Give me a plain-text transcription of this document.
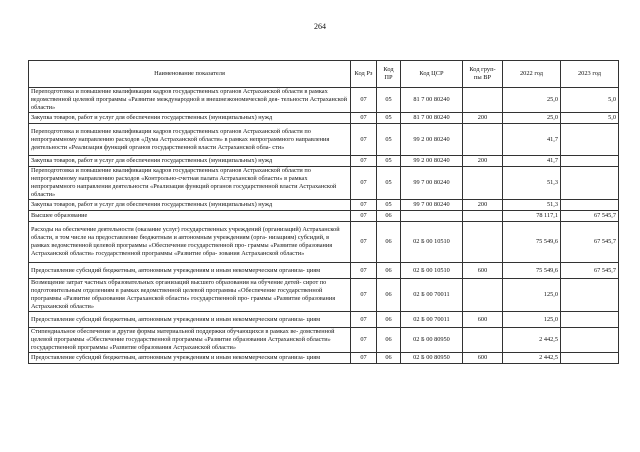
264
Наименование показателя	Код Рз	Код ПР	Код ЦСР	Код груп- пы ВР	2022 год	2023 год
Переподготовка и повышение квалификации кадров государственных органов Астраханской области в рамках ведомственной целевой программы «Развитие международной и внешнеэкономической дея- тельности Астраханской области»	07	05	81 7 00 80240		25,0	5,0
Закупка товаров, работ и услуг для обеспечения государственных (муниципальных) нужд	07	05	81 7 00 80240	200	25,0	5,0
Переподготовка и повышение квалификации кадров государственных органов Астраханской области по непрограммному направлению расходов «Дума Астраханской области» в рамках непрограммного направления деятельности «Реализация функций органов государственной власти Астраханской обла- сти»	07	05	99 2 00 80240		41,7	
Закупка товаров, работ и услуг для обеспечения государственных (муниципальных) нужд	07	05	99 2 00 80240	200	41,7	
Переподготовка и повышение квалификации кадров государственных органов Астраханской области по непрограммному направлению расходов «Контрольно-счетная палата Астраханской области» в рамках непрограммного направления деятельности «Реализация функций органов государственной власти Астраханской области»	07	05	99 7 00 80240		51,3	
Закупка товаров, работ и услуг для обеспечения государственных (муниципальных) нужд	07	05	99 7 00 80240	200	51,3	
Высшее образование	07	06			78 117,1	67 545,7
Расходы на обеспечение деятельности (оказание услуг) государственных учреждений (организаций) Астраханской области, в том числе на предоставление бюджетным и автономным учреждениям (орга- низациям) субсидий, в рамках ведомственной целевой программы «Обеспечение государственной про- граммы «Развитие образования Астраханской области» государственной программы «Развитие обра- зования Астраханской области»	07	06	02 Б 00 10510		75 549,6	67 545,7
Предоставление субсидий бюджетным, автономным учреждениям и иным некоммерческим организа- циям	07	06	02 Б 00 10510	600	75 549,6	67 545,7
Возмещение затрат частных образовательных организаций высшего образования на обучение детей- сирот по подготовительным отделениям в рамках ведомственной целевой программы «Обеспечение государственной программы «Развитие образования Астраханской области» государственной про- граммы «Развитие образования Астраханской области»	07	06	02 Б 00 70011		125,0	
Предоставление субсидий бюджетным, автономным учреждениям и иным некоммерческим организа- циям	07	06	02 Б 00 70011	600	125,0	
Стипендиальное обеспечение и другие формы материальной поддержки обучающихся в рамках ве- домственной целевой программы «Обеспечение государственной программы «Развитие образования Астраханской области» государственной программы «Развитие образования Астраханской области»	07	06	02 Б 00 80950		2 442,5	
Предоставление субсидий бюджетным, автономным учреждениям и иным некоммерческим организа- циям	07	06	02 Б 00 80950	600	2 442,5	
